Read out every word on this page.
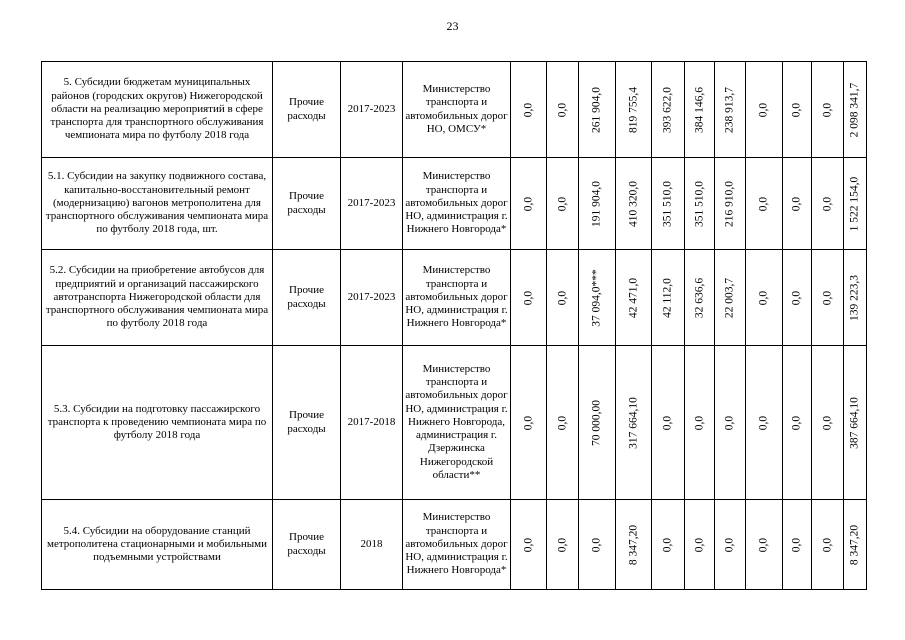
23
5. Субсидии бюджетам муниципальных районов (городских округов) Нижегородской области на реализацию мероприятий в сфере транспорта для транспортного обслуживания чемпионата мира по футболу 2018 года	Прочие расходы	2017-2023	Министерство транспорта и автомобильных дорог НО, ОМСУ*	0,0	0,0	261 904,0	819 755,4	393 622,0	384 146,6	238 913,7	0,0	0,0	0,0	2 098 341,7

5.1. Субсидии на закупку подвижного состава, капитально-восстановительный ремонт (модернизацию) вагонов метрополитена для транспортного обслуживания чемпионата мира по футболу 2018 года, шт.	Прочие расходы	2017-2023	Министерство транспорта и автомобильных дорог НО, администрация г. Нижнего Новгорода*	0,0	0,0	191 904,0	410 320,0	351 510,0	351 510,0	216 910,0	0,0	0,0	0,0	1 522 154,0

5.2. Субсидии на приобретение автобусов для предприятий и организаций пассажирского автотранспорта Нижегородской области для транспортного обслуживания чемпионата мира по футболу 2018 года	Прочие расходы	2017-2023	Министерство транспорта и автомобильных дорог НО, администрация г. Нижнего Новгорода*	0,0	0,0	37 094,0***	42 471,0	42 112,0	32 636,6	22 003,7	0,0	0,0	0,0	139 223,3

5.3. Субсидии на подготовку пассажирского транспорта к проведению чемпионата мира по футболу 2018 года	Прочие расходы	2017-2018	Министерство транспорта и автомобильных дорог НО, администрация г. Нижнего Новгорода, администрация г. Дзержинска Нижегородской области**	0,0	0,0	70 000,00	317 664,10	0,0	0,0	0,0	0,0	0,0	0,0	387 664,10

5.4. Субсидии на оборудование станций метрополитена стационарными и мобильными подъемными устройствами	Прочие расходы	2018	Министерство транспорта и автомобильных дорог НО, администрация г. Нижнего Новгорода*	0,0	0,0	0,0	8 347,20	0,0	0,0	0,0	0,0	0,0	0,0	8 347,20
